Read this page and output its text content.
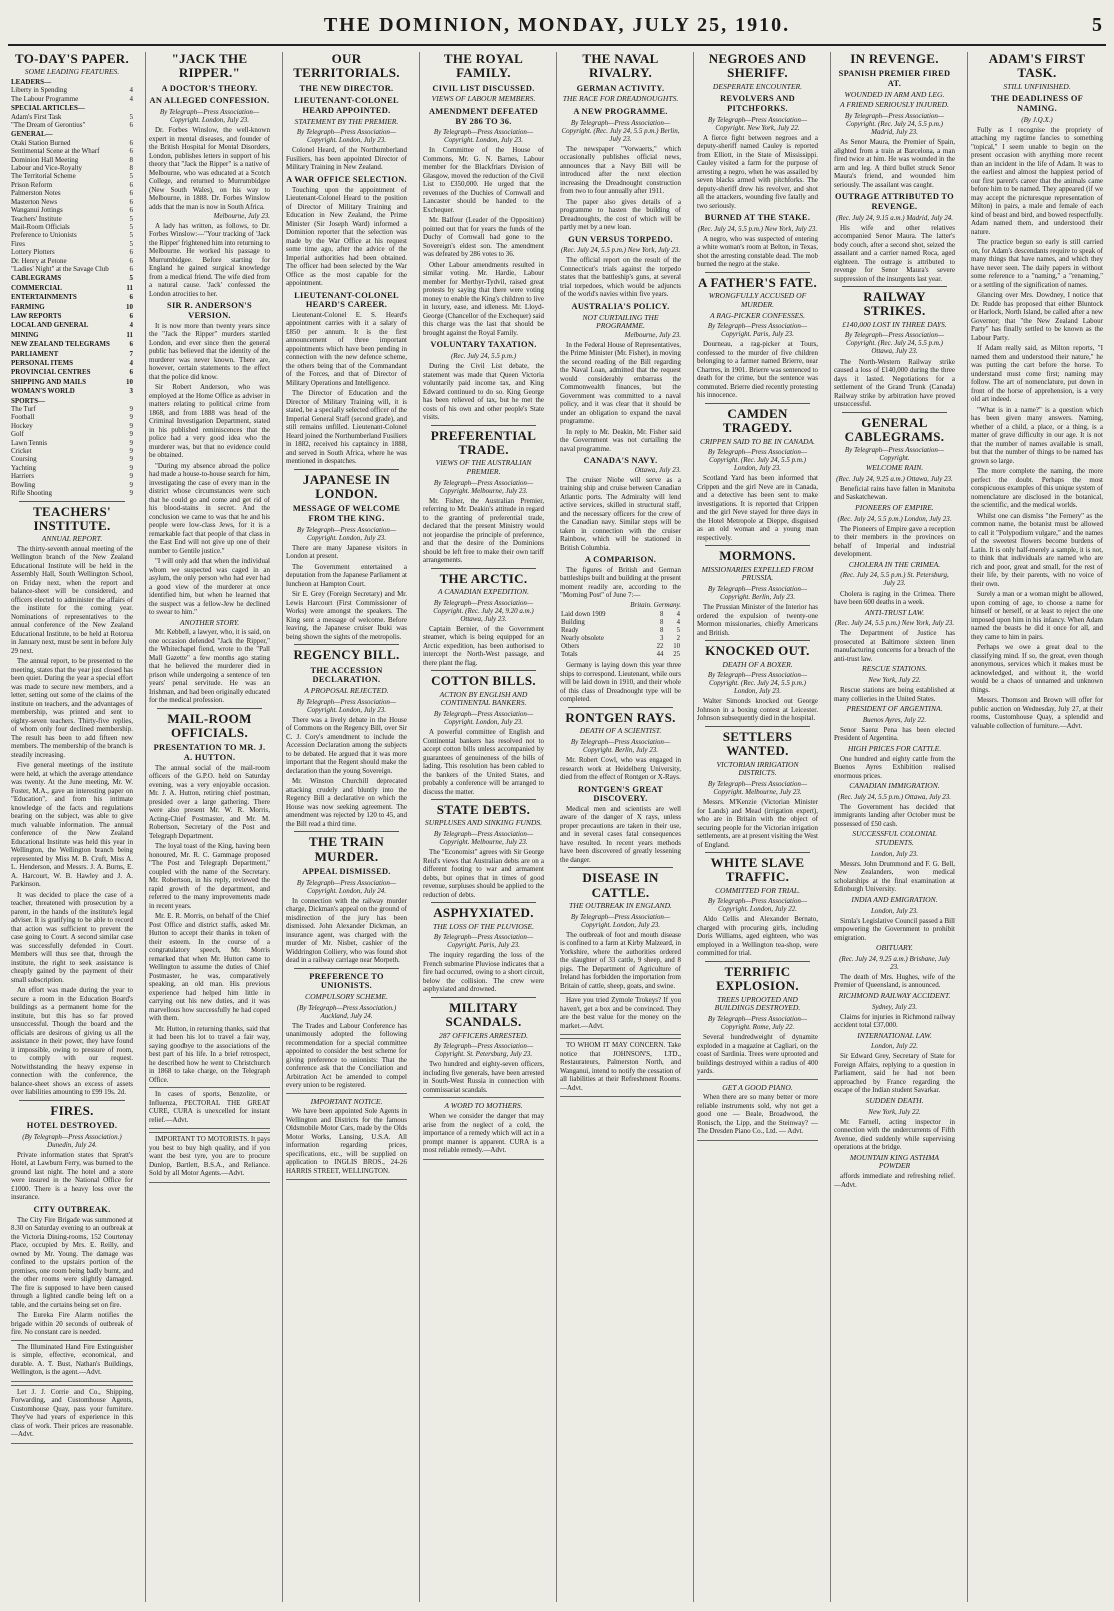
THE DOMINION, MONDAY, JULY 25, 1910.	5
TO-DAY'S PAPER.
SOME LEADING FEATURES.
LEADERS—
Liberty in Spending	4
The Labour Programme	4
SPECIAL ARTICLES—
Adam's First Task	5
"The Dream of Gerontius"	6
GENERAL—
Otaki Station Burned	6
Sentimental Scene at the Wharf	6
Dominion Hall Meeting	8
Labour and Vice-Royalty	8
The Territorial Scheme	5
Prison Reform	6
Palmerston Notes	6
Masterton News	6
Wanganui Jottings	6
Teachers' Institute	5
Mail-Room Officials	5
Preference to Unionists	5
Fires	5
Lottery Plotters	6
Dr. Henry at Petone	6
"Ladies' Night" at the Savage Club	6
CABLEGRAMS	5
COMMERCIAL	11
ENTERTAINMENTS	6
FARMING	10
LAW REPORTS	6
LOCAL AND GENERAL	4
MINING	11
NEW ZEALAND TELEGRAMS	6
PARLIAMENT	7
PERSONAL ITEMS	4
PROVINCIAL CENTRES	6
SHIPPING AND MAILS	10
WOMAN'S WORLD	3
SPORTS—
The Turf	9
Football	9
Hockey	9
Golf	9
Lawn Tennis	9
Cricket	9
Coursing	9
Yachting	9
Harriers	9
Bowling	9
Rifle Shooting	9
TEACHERS' INSTITUTE.
ANNUAL REPORT.

The thirty-seventh annual meeting of the Wellington branch of the New Zealand Educational Institute will be held in the Assembly Hall, South Wellington School, on Friday next, when the report and balance-sheet will be considered, and officers elected to administer the affairs of the institute for the coming year. Nominations of representatives to the annual conference of the New Zealand Educational Institute, to be held at Rotorua in January next, must be sent in before July 29 next.

The annual report, to be presented to the meeting, states that the year just closed has been quiet. During the year a special effort was made to secure new members, and a letter, setting out some of the claims of the institute on teachers, and the advantages of membership, was printed and sent to eighty-seven teachers. Thirty-five replies, of whom only four declined membership. The result has been to add fifteen new members. The membership of the branch is steadily increasing.

Five general meetings of the institute were held, at which the average attendance was twenty. At the June meeting, Mr. W. Foster, M.A., gave an interesting paper on "Education", and from his intimate knowledge of the facts and regulations bearing on the subject, was able to give much valuable information. The annual conference of the New Zealand Educational Institute was held this year in Wellington, the Wellington branch being represented by Miss M. B. Cruft, Miss A. L. Henderson, and Messrs. J. A. Burns, E. A. Harcourt, W. B. Hawley and J. A. Parkinson.

It was decided to place the case of a teacher, threatened with prosecution by a parent, in the hands of the institute's legal adviser. It is gratifying to be able to record that action was sufficient to prevent the case going to Court. A second similar case was successfully defended in Court. Members will thus see that, through the institute, the right to seek assistance is cheaply gained by the payment of their small subscription.

An effort was made during the year to secure a room in the Education Board's buildings as a permanent home for the institute, but this has so far proved unsuccessful. Though the board and the officials are desirous of giving us all the assistance in their power, they have found it impossible, owing to pressure of room, to comply with our request. Notwithstanding the heavy expense in connection with the conference, the balance-sheet shows an excess of assets over liabilities amounting to £99 19s. 2d.

FIRES.
HOTEL DESTROYED.
(By Telegraph—Press Association.) Dunedin, July 24.

Private information states that Spratt's Hotel, at Lawburn Ferry, was burned to the ground last night. The hotel and a store were insured in the National Office for £1000. There is a heavy loss over the insurance.

CITY OUTBREAK.

The City Fire Brigade was summoned at 8.30 on Saturday evening to an outbreak at the Victoria Dining-rooms, 152 Courtenay Place, occupied by Mrs. E. Reilly, and owned by Mr. Young. The damage was confined to the upstairs portion of the premises, one room being badly burnt, and the other rooms were slightly damaged. The fire is supposed to have been caused through a lighted candle being left on a table, and the curtains being set on fire.

The Eureka Fire Alarm notifies the brigade within 20 seconds of outbreak of fire. No constant care is needed.

The Illuminated Hand Fire Extinguisher is simple, effective, economical, and durable. A. T. Bust, Nathan's Buildings, Wellington, is the agent.—Advt.

Let J. J. Corrie and Co., Shipping, Forwarding, and Customhouse Agents, Customhouse Quay, pass your furniture. They've had years of experience in this class of work. Their prices are reasonable.—Advt.

"JACK THE RIPPER."
A DOCTOR'S THEORY.
AN ALLEGED CONFESSION.
By Telegraph—Press Association—Copyright. London, July 23.

Dr. Forbes Winslow, the well-known expert in mental diseases, and founder of the British Hospital for Mental Disorders, London, publishes letters in support of his theory that "Jack the Ripper" is a native of Melbourne, who was educated at a Scotch College, and returned to Murrumbidgee (New South Wales), on his way to Melbourne, in 1888. Dr. Forbes Winslow adds that the man is now in South Africa.

Melbourne, July 23.

A lady has written, as follows, to Dr. Forbes Winslow:—"Your tracking of 'Jack the Ripper' frightened him into returning to Melbourne. He worked his passage to Murrumbidgee. Before starting for England he gained surgical knowledge from a medical friend. The wife died from a natural cause. 'Jack' confessed the London atrocities to her.

SIR R. ANDERSON'S VERSION.

It is now more than twenty years since the "Jack the Ripper" murders startled London, and ever since then the general public has believed that the identity of the murderer was never known. There are, however, certain statements to the effect that the police did know.

Sir Robert Anderson, who was employed at the Home Office as adviser in matters relating to political crime from 1868, and from 1888 was head of the Criminal Investigation Department, stated in his published reminiscences that the police had a very good idea who the murderer was, but that no evidence could be obtained.

"During my absence abroad the police had made a house-to-house search for him, investigating the case of every man in the district whose circumstances were such that he could go and come and get rid of his blood-stains in secret. And the conclusion we came to was that he and his people were low-class Jews, for it is a remarkable fact that people of that class in the East End will not give up one of their number to Gentile justice."

"I will only add that when the individual whom we suspected was caged in an asylum, the only person who had ever had a good view of the murderer at once identified him, but when he learned that the suspect was a fellow-Jew he declined to swear to him."

ANOTHER STORY.

Mr. Kebbell, a lawyer, who, it is said, on one occasion defended "Jack the Ripper," the Whitechapel fiend, wrote to the "Pall Mall Gazette" a few months ago stating that he believed the murderer died in prison while undergoing a sentence of ten years' penal servitude. He was an Irishman, and had been originally educated for the medical profession.

MAIL-ROOM OFFICIALS.
PRESENTATION TO MR. J. A. HUTTON.

The annual social of the mail-room officers of the G.P.O. held on Saturday evening, was a very enjoyable occasion. Mr. J. A. Hutton, retiring chief postman, presided over a large gathering. There were also present Mr. W. R. Morris, Acting-Chief Postmaster, and Mr. M. Robertson, Secretary of the Post and Telegraph Department.

The loyal toast of the King, having been honoured, Mr. R. C. Gammage proposed "The Post and Telegraph Department," coupled with the name of the Secretary. Mr. Robertson, in his reply, reviewed the rapid growth of the department, and referred to the many improvements made in recent years.

Mr. E. R. Morris, on behalf of the Chief Post Office and district staffs, asked Mr. Hutton to accept their thanks in token of their esteem. In the course of a congratulatory speech, Mr. Morris remarked that when Mr. Hutton came to Wellington to assume the duties of Chief Postmaster, he was, comparatively speaking, an old man. His previous experience had helped him little in carrying out his new duties, and it was marvellous how successfully he had coped with them.

Mr. Hutton, in returning thanks, said that it had been his lot to travel a fair way, saying goodbye to the associations of the best part of his life. In a brief retrospect, he described how he went to Christchurch in 1868 to take charge, on the Telegraph Office.

In cases of sports, Benzolite, or Influenza, PECTORAL THE GREAT CURE, CURA is unexcelled for instant relief.—Advt.

IMPORTANT TO MOTORISTS. It pays you best to buy high quality, and if you want the best tyre, you are to procure Dunlop, Bartlett, B.S.A., and Reliance. Sold by all Motor Agents.—Advt.

OUR TERRITORIALS.
THE NEW DIRECTOR.
LIEUTENANT-COLONEL HEARD APPOINTED.
STATEMENT BY THE PREMIER.
By Telegraph—Press Association—Copyright. London, July 23.

Colonel Heard, of the Northumberland Fusiliers, has been appointed Director of Military Training in New Zealand.

A WAR OFFICE SELECTION.

Touching upon the appointment of Lieutenant-Colonel Heard to the position of Director of Military Training and Education in New Zealand, the Prime Minister (Sir Joseph Ward) informed a Dominion reporter that the selection was made by the War Office at his request some time ago, after the advice of the Imperial authorities had been obtained. The officer had been selected by the War Office as the most capable for the appointment.

LIEUTENANT-COLONEL HEARD'S CAREER.

Lieutenant-Colonel E. S. Heard's appointment carries with it a salary of £850 per annum. It is the first announcement of three important appointments which have been pending in connection with the new defence scheme, the others being that of the Commandant of the Forces, and that of Director of Military Operations and Intelligence.

The Director of Education and the Director of Military Training will, it is stated, be a specially selected officer of the Imperial General Staff (second grade), and still remains unfilled. Lieutenant-Colonel Heard joined the Northumberland Fusiliers in 1882, received his captaincy in 1888, and served in South Africa, where he was mentioned in despatches.

JAPANESE IN LONDON.
MESSAGE OF WELCOME FROM THE KING.
By Telegraph—Press Association—Copyright. London, July 23.

There are many Japanese visitors in London at present.

The Government entertained a deputation from the Japanese Parliament at luncheon at Hampton Court.

Sir E. Grey (Foreign Secretary) and Mr. Lewis Harcourt (First Commissioner of Works) were amongst the speakers. The King sent a message of welcome. Before leaving, the Japanese cruiser Ibuki was being shown the sights of the metropolis.

REGENCY BILL.
THE ACCESSION DECLARATION.
A PROPOSAL REJECTED.
By Telegraph—Press Association—Copyright. London, July 23.

There was a lively debate in the House of Commons on the Regency Bill, over Sir C. J. Cory's amendment to include the Accession Declaration among the subjects to be debated. He argued that it was more important that the Regent should make the declaration than the young Sovereign.

Mr. Winston Churchill deprecated attacking crudely and bluntly into the Regency Bill a declarative on which the House was now seeking agreement. The amendment was rejected by 120 to 45, and the Bill read a third time.

THE TRAIN MURDER.
APPEAL DISMISSED.
By Telegraph—Press Association—Copyright. London, July 24.

In connection with the railway murder charge, Dickman's appeal on the ground of misdirection of the jury has been dismissed. John Alexander Dickman, an insurance agent, was charged with the murder of Mr. Nisbet, cashier of the Widdrington Colliery, who was found shot dead in a railway carriage near Morpeth.

PREFERENCE TO UNIONISTS.
COMPULSORY SCHEME.
(By Telegraph—Press Association.) Auckland, July 24.

The Trades and Labour Conference has unanimously adopted the following recommendation for a special committee appointed to consider the best scheme for giving preference to unionists: That the conference ask that the Conciliation and Arbitration Act be amended to compel every union to be registered.

IMPORTANT NOTICE.

We have been appointed Sole Agents in Wellington and Districts for the famous Oldsmobile Motor Cars, made by the Olds Motor Works, Lansing, U.S.A. All information regarding prices, specifications, etc., will be supplied on application to INGLIS BROS., 24-26 HARRIS STREET, WELLINGTON.

THE ROYAL FAMILY.
CIVIL LIST DISCUSSED.
VIEWS OF LABOUR MEMBERS.
AMENDMENT DEFEATED BY 286 TO 36.
By Telegraph—Press Association—Copyright. London, July 23.

In Committee of the House of Commons, Mr. G. N. Barnes, Labour member for the Blackfriars Division of Glasgow, moved the reduction of the Civil List to £350,000. He urged that the revenues of the Duchies of Cornwall and Lancaster should be handed to the Exchequer.

Mr. Balfour (Leader of the Opposition) pointed out that for years the funds of the Duchy of Cornwall had gone to the Sovereign's eldest son. The amendment was defeated by 286 votes to 36.

Other Labour amendments resulted in similar voting. Mr. Hardie, Labour member for Merthyr-Tydvil, raised great protests by saying that there were voting money to enable the King's children to live in luxury, ease, and idleness. Mr. Lloyd-George (Chancellor of the Exchequer) said this charge was the last that should be brought against the Royal Family.

VOLUNTARY TAXATION.
(Rec. July 24, 5.5 p.m.)

During the Civil List debate, the statement was made that Queen Victoria voluntarily paid income tax, and King Edward continued to do so. King George has been relieved of tax, but he met the costs of his own and other people's State visits.

PREFERENTIAL TRADE.
VIEWS OF THE AUSTRALIAN PREMIER.
By Telegraph—Press Association—Copyright. Melbourne, July 23.

Mr. Fisher, the Australian Premier, referring to Mr. Deakin's attitude in regard to the granting of preferential trade, declared that the present Ministry would not jeopardise the principle of preference, and that the desire of the Dominions should be left free to make their own tariff arrangements.

THE ARCTIC.
A CANADIAN EXPEDITION.
By Telegraph—Press Association—Copyright. (Rec. July 24, 9.20 a.m.) Ottawa, July 23.

Captain Bernier, of the Government steamer, which is being equipped for an Arctic expedition, has been authorised to intercept the North-West passage, and there plant the flag.

COTTON BILLS.
ACTION BY ENGLISH AND CONTINENTAL BANKERS.
By Telegraph—Press Association—Copyright. London, July 23.

A powerful committee of English and Continental bankers has resolved not to accept cotton bills unless accompanied by guarantees of genuineness of the bills of lading. This resolution has been cabled to the bankers of the United States, and probably a conference will be arranged to discuss the matter.

STATE DEBTS.
SURPLUSES AND SINKING FUNDS.
By Telegraph—Press Association—Copyright. Melbourne, July 23.

The "Economist" agrees with Sir George Reid's views that Australian debts are on a different footing to war and armament debts, but opines that in times of good revenue, surpluses should be applied to the reduction of debts.

ASPHYXIATED.
THE LOSS OF THE PLUVIOSE.
By Telegraph—Press Association—Copyright. Paris, July 23.

The inquiry regarding the loss of the French submarine Pluviose indicates that a fire had occurred, owing to a short circuit, below the collision. The crew were asphyxiated and drowned.

MILITARY SCANDALS.
287 OFFICERS ARRESTED.
By Telegraph—Press Association—Copyright. St. Petersburg, July 23.

Two hundred and eighty-seven officers, including five generals, have been arrested in South-West Russia in connection with commissariat scandals.

A WORD TO MOTHERS.

When we consider the danger that may arise from the neglect of a cold, the importance of a remedy which will act in a prompt manner is apparent. CURA is a most reliable remedy.—Advt.

THE NAVAL RIVALRY.
GERMAN ACTIVITY.
THE RACE FOR DREADNOUGHTS.
A NEW PROGRAMME.
By Telegraph—Press Association—Copyright. (Rec. July 24, 5.5 p.m.) Berlin, July 23.

The newspaper "Vorwaerts," which occasionally publishes official news, announces that a Navy Bill will be introduced after the next election increasing the Dreadnought construction from two to four annually after 1911.

The paper also gives details of a programme to hasten the building of Dreadnoughts, the cost of which will be partly met by a new loan.

GUN VERSUS TORPEDO.
(Rec. July 24, 5.5 p.m.) New York, July 23.

The official report on the result of the Connecticut's trials against the torpedo states that the battleship's guns, at several trial torpedoes, which would be adjuncts of the world's navies within five years.

AUSTRALIA'S POLICY.
NOT CURTAILING THE PROGRAMME.
Melbourne, July 23.

In the Federal House of Representatives, the Prime Minister (Mr. Fisher), in moving the second reading of the Bill regarding the Naval Loan, admitted that the request would considerably embarrass the Commonwealth finances, but the Government was committed to a naval policy, and it was clear that it should be under an obligation to expand the naval programme.

In reply to Mr. Deakin, Mr. Fisher said the Government was not curtailing the naval programme.

CANADA'S NAVY.
Ottawa, July 23.

The cruiser Niobe will serve as a training ship and cruise between Canadian Atlantic ports. The Admiralty will lend active services, skilled in structural staff, and the necessary officers for the crew of the Canadian navy. Similar steps will be taken in connection with the cruiser Rainbow, which will be stationed in British Columbia.

A COMPARISON.

The figures of British and German battleships built and building at the present moment readily are, according to the "Morning Post" of June 7:—

Britain. Germany.
Laid down 1909	8	4
Building	8	4
Ready	8	5
Nearly obsolete	3	2
Others	22	10
Totals	44	25

Germany is laying down this year three ships to correspond. Lieutenant, while ours will be laid down in 1910, and their whole of this class of Dreadnought type will be completed.

RONTGEN RAYS.
DEATH OF A SCIENTIST.
By Telegraph—Press Association—Copyright. Berlin, July 23.

Mr. Robert Cowl, who was engaged in research work at Heidelberg University, died from the effect of Rontgen or X-Rays.

RONTGEN'S GREAT DISCOVERY.

Medical men and scientists are well aware of the danger of X rays, unless proper precautions are taken in their use, and in several cases fatal consequences have resulted. In recent years methods have been discovered of greatly lessening the danger.

DISEASE IN CATTLE.
THE OUTBREAK IN ENGLAND.
By Telegraph—Press Association—Copyright. London, July 23.

The outbreak of foot and mouth disease is confined to a farm at Kirby Malzeard, in Yorkshire, where the authorities ordered the slaughter of 33 cattle, 9 sheep, and 8 pigs. The Department of Agriculture of Ireland has forbidden the importation from Britain of cattle, sheep, goats, and swine.

Have you tried Zymole Trokeys? If you haven't, get a box and be convinced. They are the best value for the money on the market.—Advt.

TO WHOM IT MAY CONCERN. Take notice that JOHNSON'S, LTD., Restaurateurs, Palmerston North, and Wanganui, intend to notify the cessation of all liabilities at their Refreshment Rooms.—Advt.

NEGROES AND SHERIFF.
DESPERATE ENCOUNTER.
REVOLVERS AND PITCHFORKS.
By Telegraph—Press Association—Copyright. New York, July 22.

A fierce fight between negroes and a deputy-sheriff named Cauley is reported from Elliott, in the State of Mississippi. Cauley visited a farm for the purpose of arresting a negro, when he was assailed by seven blacks armed with pitchforks. The deputy-sheriff drew his revolver, and shot all the attackers, wounding five fatally and two seriously.

BURNED AT THE STAKE.
(Rec. July 24, 5.5 p.m.) New York, July 23.

A negro, who was suspected of entering a white woman's room at Belton, in Texas, shot the arresting constable dead. The mob burned the negro at the stake.

A FATHER'S FATE.
WRONGFULLY ACCUSED OF MURDER.
A RAG-PICKER CONFESSES.
By Telegraph—Press Association—Copyright. Paris, July 23.

Dourneau, a rag-picker at Tours, confessed to the murder of five children belonging to a farmer named Brierre, near Chartres, in 1901. Brierre was sentenced to death for the crime, but the sentence was commuted. Brierre died recently protesting his innocence.

CAMDEN TRAGEDY.
CRIPPEN SAID TO BE IN CANADA.
By Telegraph—Press Association—Copyright. (Rec. July 24, 5.5 p.m.) London, July 23.

Scotland Yard has been informed that Crippen and the girl Neve are in Canada, and a detective has been sent to make investigations. It is reported that Crippen and the girl Neve stayed for three days in the Hotel Metropole at Dieppe, disguised as an old woman and a young man respectively.

MORMONS.
MISSIONARIES EXPELLED FROM PRUSSIA.
By Telegraph—Press Association—Copyright. Berlin, July 23.

The Prussian Minister of the Interior has ordered the expulsion of twenty-one Mormon missionaries, chiefly Americans and British.

KNOCKED OUT.
DEATH OF A BOXER.
By Telegraph—Press Association—Copyright. (Rec. July 24, 5.5 p.m.) London, July 23.

Walter Simonds knocked out George Johnson in a boxing contest at Leicester. Johnson subsequently died in the hospital.

SETTLERS WANTED.
VICTORIAN IRRIGATION DISTRICTS.
By Telegraph—Press Association—Copyright. Melbourne, July 23.

Messrs. M'Kenzie (Victorian Minister for Lands) and Mead (irrigation expert), who are in Britain with the object of securing people for the Victorian irrigation settlements, are at present visiting the West of England.

WHITE SLAVE TRAFFIC.
COMMITTED FOR TRIAL.
By Telegraph—Press Association—Copyright. London, July 22.

Aldo Cellis and Alexander Bernato, charged with procuring girls, including Doris Williams, aged eighteen, who was employed in a Wellington tea-shop, were committed for trial.

TERRIFIC EXPLOSION.
TREES UPROOTED AND BUILDINGS DESTROYED.
By Telegraph—Press Association—Copyright. Rome, July 22.

Several hundredweight of dynamite exploded in a magazine at Cagliari, on the coast of Sardinia. Trees were uprooted and buildings destroyed within a radius of 400 yards.

GET A GOOD PIANO.

When there are so many better or more reliable instruments sold, why not get a good one — Beale, Broadwood, the Ronisch, the Lipp, and the Steinway? — The Dresden Piano Co., Ltd. — Advt.

IN REVENGE.
SPANISH PREMIER FIRED AT.
WOUNDED IN ARM AND LEG.
A FRIEND SERIOUSLY INJURED.
By Telegraph—Press Association—Copyright. (Rec. July 24, 5.5 p.m.) Madrid, July 23.

As Senor Maura, the Premier of Spain, alighted from a train at Barcelona, a man fired twice at him. He was wounded in the arm and leg. A third bullet struck Senor Maura's friend, and wounded him seriously. The assailant was caught.

OUTRAGE ATTRIBUTED TO REVENGE.
(Rec. July 24, 9.15 a.m.) Madrid, July 24.

His wife and other relatives accompanied Senor Maura. The latter's body couch, after a second shot, seized the assailant and a carrier named Roca, aged eighteen. The outrage is attributed to revenge for Senor Maura's severe suppression of the insurgents last year.

RAILWAY STRIKES.
£140,000 LOST IN THREE DAYS.
By Telegraph—Press Association—Copyright. (Rec. July 24, 5.5 p.m.) Ottawa, July 23.

The North-Western Railway strike caused a loss of £140,000 during the three days it lasted. Negotiations for a settlement of the Grand Trunk (Canada) Railway strike by arbitration have proved unsuccessful.

GENERAL CABLEGRAMS.
By Telegraph—Press Association—Copyright.
WELCOME RAIN.
(Rec. July 24, 9.25 a.m.) Ottawa, July 23.

Beneficial rains have fallen in Manitoba and Saskatchewan.

PIONEERS OF EMPIRE.
(Rec. July 24, 5.5 p.m.) London, July 23.

The Pioneers of Empire gave a reception to their members in the provinces on behalf of Imperial and industrial development.

CHOLERA IN THE CRIMEA.
(Rec. July 24, 5.5 p.m.) St. Petersburg, July 23.

Cholera is raging in the Crimea. There have been 600 deaths in a week.

ANTI-TRUST LAW.
(Rec. July 24, 5.5 p.m.) New York, July 23.

The Department of Justice has prosecuted at Baltimore sixteen linen manufacturing concerns for a breach of the anti-trust law.

RESCUE STATIONS.
New York, July 22.

Rescue stations are being established at many collieries in the United States.

PRESIDENT OF ARGENTINA.
Buenos Ayres, July 22.

Senor Saenz Pena has been elected President of Argentina.

HIGH PRICES FOR CATTLE.

One hundred and eighty cattle from the Buenos Ayres Exhibition realised enormous prices.

CANADIAN IMMIGRATION.
(Rec. July 24, 5.5 p.m.) Ottawa, July 23.

The Government has decided that immigrants landing after October must be possessed of £50 cash.

SUCCESSFUL COLONIAL STUDENTS.
London, July 23.

Messrs. John Drummond and F. G. Bell, New Zealanders, won medical scholarships at the final examination at Edinburgh University.

INDIA AND EMIGRATION.
London, July 23.

Simla's Legislative Council passed a Bill empowering the Government to prohibit emigration.

OBITUARY.
(Rec. July 24, 9.25 a.m.) Brisbane, July 23.

The death of Mrs. Hughes, wife of the Premier of Queensland, is announced.

RICHMOND RAILWAY ACCIDENT.
Sydney, July 23.

Claims for injuries in Richmond railway accident total £37,000.

INTERNATIONAL LAW.
London, July 22.

Sir Edward Grey, Secretary of State for Foreign Affairs, replying to a question in Parliament, said he had not been approached by France regarding the escape of the Indian student Savarkar.

SUDDEN DEATH.
New York, July 22.

Mr. Farnell, acting inspector in connection with the undercurrents of Fifth Avenue, died suddenly while supervising operations at the bridge.

MOUNTAIN KING ASTHMA POWDER

affords immediate and refreshing relief.—Advt.

ADAM'S FIRST TASK.
STILL UNFINISHED.
THE DEADLINESS OF NAMING.
(By J.Q.X.)

Fully as I recognise the propriety of attaching my ragtime fancies to something "topical," I seem unable to begin on the present occasion with anything more recent than an incident in the life of Adam. It was to the earliest and almost the happiest period of our first parent's career that the animals came before him to be named. They appeared (if we may accept the picturesque representation of Milton) in pairs, a male and female of each kind of beast and bird, and bowed respectfully. Adam named them, and understood their nature.

The practice begun so early is still carried on, for Adam's descendants require to speak of many things that have names, and which they have never seen. The daily papers in without some reference to a "naming," a "renaming," or a settling of the signification of names.

Glancing over Mrs. Dowdney, I notice that Dr. Rudde has proposed that either Bluntock or Harlock, North Island, be called after a new Governor; that "the New Zealand Labour Party" has finally settled to be known as the Labour Party.

If Adam really said, as Milton reports, "I named them and understood their nature," he was putting the cart before the horse. To understand must come first; naming may follow. The art of nomenclature, put down in front of the horse of apprehension, is a very old art indeed.

"What is in a name?" is a question which has been given many answers. Naming, whether of a child, a place, or a thing, is a matter of grave difficulty in our age. It is not that the number of names available is small, but that the number of things to be named has grown so large.

The more complete the naming, the more perfect the doubt. Perhaps the most conspicuous examples of this unique system of nomenclature are disclosed in the botanical, the scientific, and the medical worlds.

Whilst one can dismiss "the Fernery" as the common name, the botanist must be allowed to call it "Polypodium vulgare," and the names of the sweetest flowers become burdens of Latin. It is only half-merely a sample, it is not, to think that individuals are named who are rich and poor, great and small, for the rest of their life, by their parents, with no voice of their own.

Surely a man or a woman might be allowed, upon coming of age, to choose a name for himself or herself, or at least to reject the one imposed upon him in his infancy. When Adam named the beasts he did it once for all, and they came to him in pairs.

Perhaps we owe a great deal to the classifying mind. If so, the great, even though anonymous, services which it makes must be acknowledged, and without it, the world would be a chaos of unnamed and unknown things.

Messrs. Thomson and Brown will offer for public auction on Wednesday, July 27, at their rooms, Customhouse Quay, a splendid and valuable collection of furniture.—Advt.
